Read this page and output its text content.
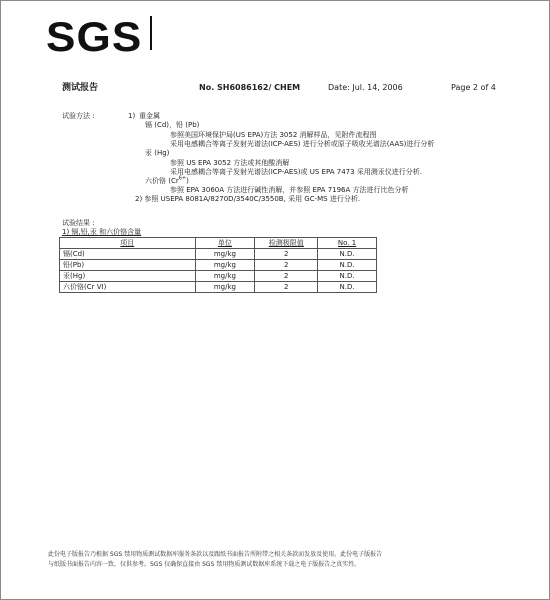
SGS
测试报告	No. SH6086162/ CHEM	Date: Jul. 14, 2006	Page 2 of 4
试验方法 :	1) 重金属
镉 (Cd)，铅 (Pb)
参照美国环境保护局(US EPA)方法 3052 消解样品，见附件流程图
采用电感耦合等离子发射光谱法(ICP-AES) 进行分析或原子吸收光谱法(AAS)进行分析
汞 (Hg)
参照 US EPA 3052 方法或其他酸消解
采用电感耦合等离子发射光谱法(ICP-AES)或 US EPA 7473 采用测汞仪进行分析.
六价铬 $(Cr^{6+})$
参照 EPA 3060A 方法进行碱性消解，并参照 EPA 7196A 方法进行比色分析
2) 参照 USEPA 8081A/8270D/3540C/3550B, 采用 GC-MS 进行分析.
试验结果 :
1) 镉,铅,汞 和六价铬含量
项目	单位	检测极限值	No. 1
镉(Cd)	mg/kg	2	N.D.
铅(Pb)	mg/kg	2	N.D.
汞(Hg)	mg/kg	2	N.D.
六价铬(Cr VI)	mg/kg	2	N.D.
此份电子版报告乃根据 SGS 禁用物质测试数据库服务条款以及跟纸书面报告所附带之相关条款而发放及使用。此份电子版报告
与纸版书面报告内容一致，仅供参考。SGS 仅确保直接由 SGS 禁用物质测试数据库系统下载之电子版报告之真实性。
